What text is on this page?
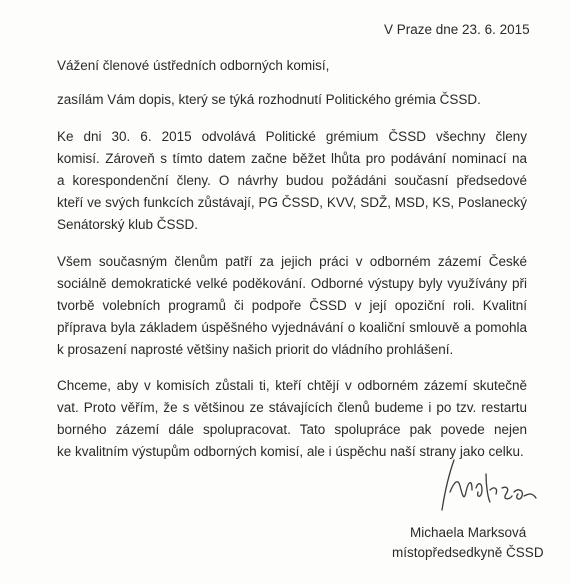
V Praze dne 23. 6. 2015
Vážení členové ústředních odborných komisí,
zasílám Vám dopis, který se týká rozhodnutí Politického grémia ČSSD.
Ke dni 30. 6. 2015 odvolává Politické grémium ČSSD všechny členy
komisí. Zároveň s tímto datem začne běžet lhůta pro podávání nominací na
a korespondenční členy. O návrhy budou požádáni současní předsedové
kteří ve svých funkcích zůstávají, PG ČSSD, KVV, SDŽ, MSD, KS, Poslanecký
Senátorský klub ČSSD.
Všem současným členům patří za jejich práci v odborném zázemí České
sociálně demokratické velké poděkování. Odborné výstupy byly využívány při
tvorbě volebních programů či podpoře ČSSD v její opoziční roli. Kvalitní
příprava byla základem úspěšného vyjednávání o koaliční smlouvě a pomohla
k prosazení naprosté většiny našich priorit do vládního prohlášení.
Chceme, aby v komisích zůstali ti, kteří chtějí v odborném zázemí skutečně
vat. Proto věřím, že s většinou ze stávajících členů budeme i po tzv. restartu
borného zázemí dále spolupracovat. Tato spolupráce pak povede nejen
ke kvalitním výstupům odborných komisí, ale i úspěchu naší strany jako celku.
Michaela Marksová
místopředsedkyně ČSSD
